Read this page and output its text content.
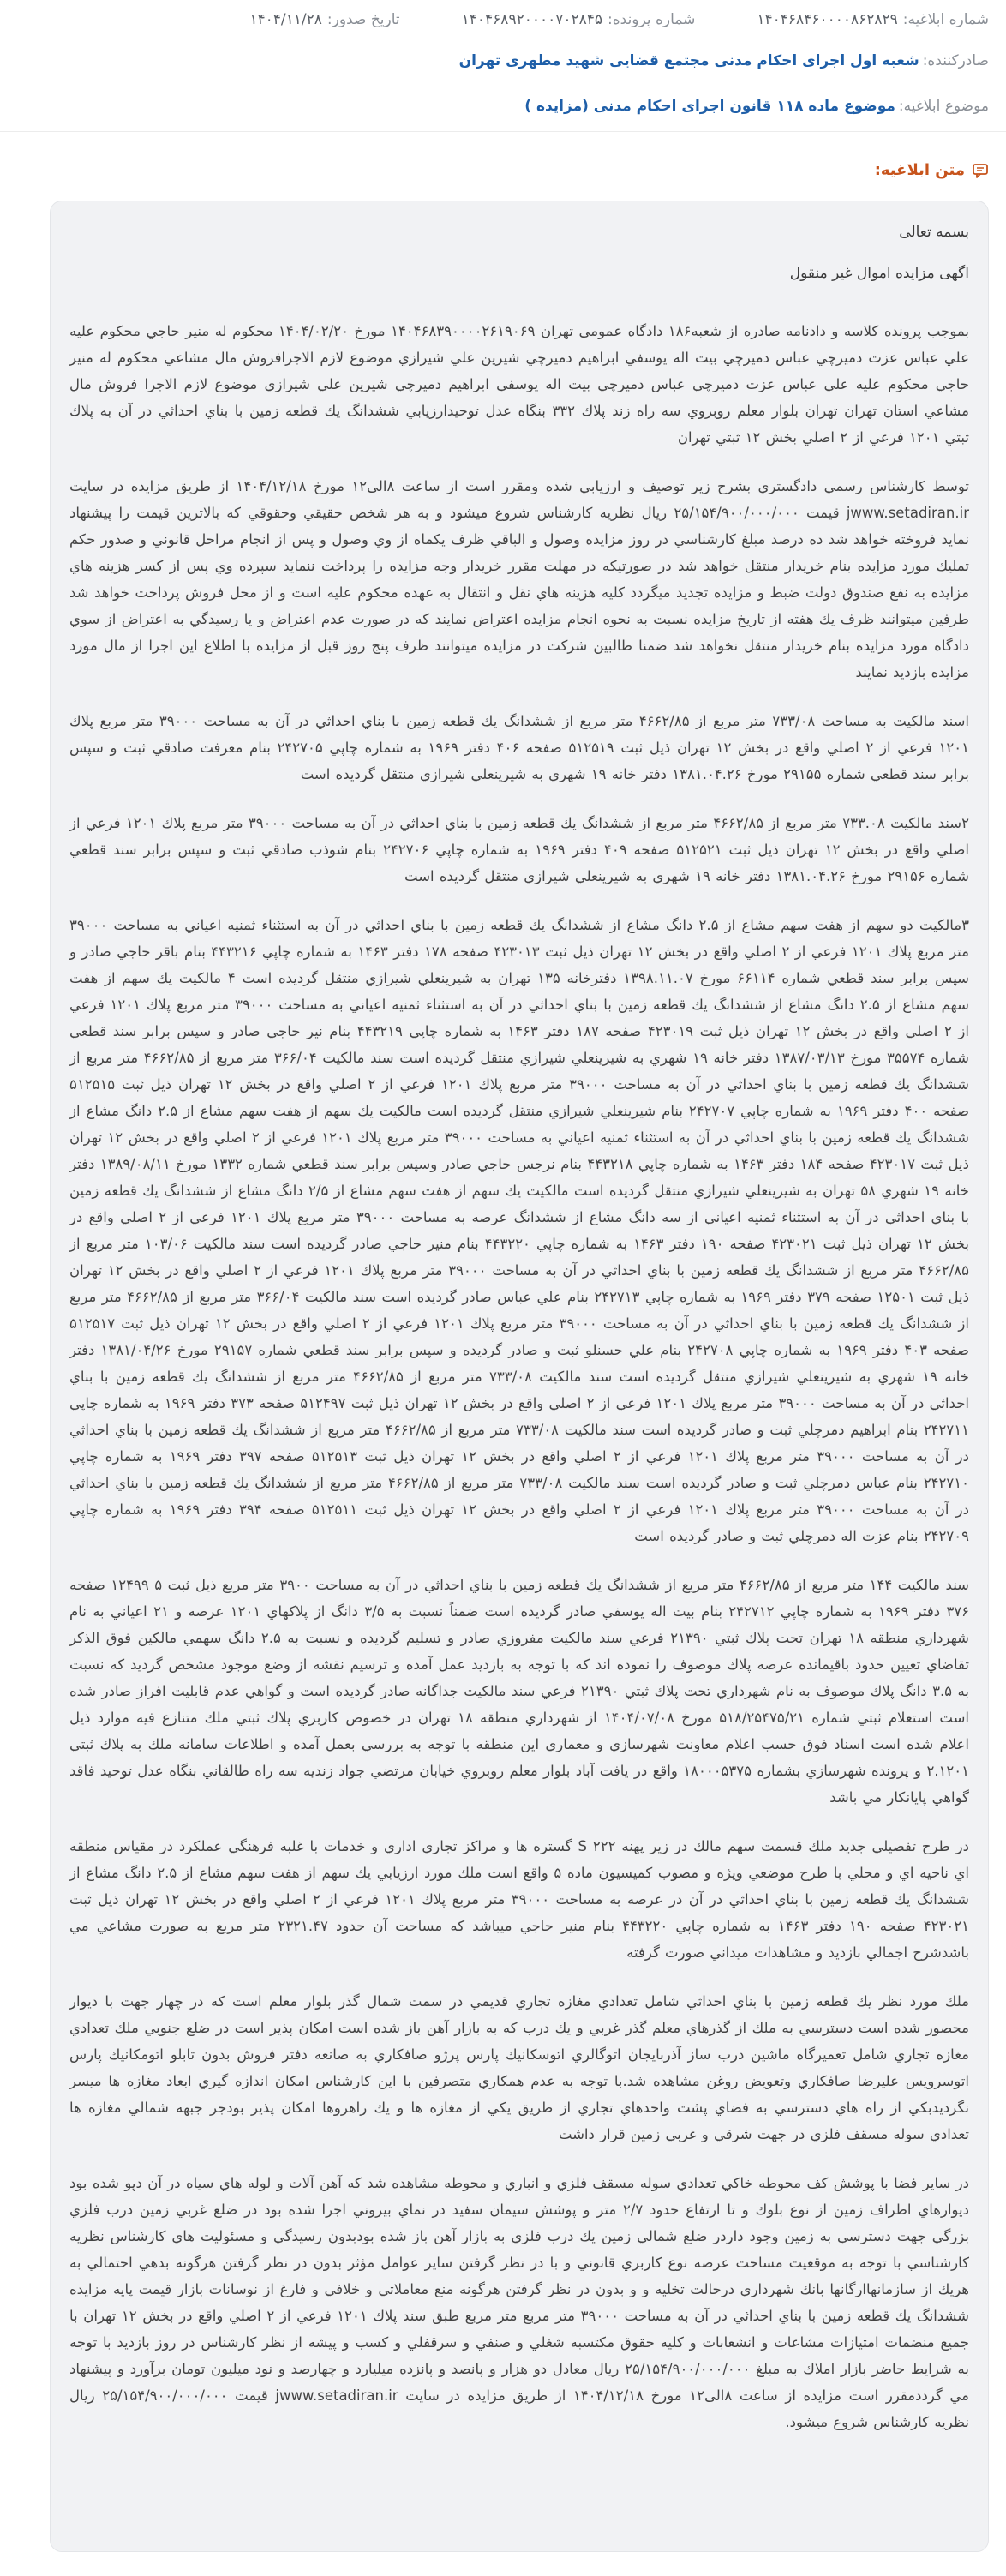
شماره ابلاغیه:
۱۴۰۴۶۸۴۶۰۰۰۰۸۶۲۸۲۹
شماره پرونده:
۱۴۰۴۶۸۹۲۰۰۰۰۷۰۲۸۴۵
تاریخ صدور:
۱۴۰۴/۱۱/۲۸
صادرکننده:
شعبه اول اجرای احکام مدنی مجتمع قضایی شهید مطهری تهران
موضوع ابلاغیه:
موضوع ماده ۱۱۸ قانون اجرای احکام مدنی (مزایده )
متن ابلاغیه:
بسمه تعالی
اگهی مزایده اموال غیر منقول

بموجب پرونده کلاسه و دادنامه صادره از شعبه۱۸۶ دادگاه عمومی تهران ۱۴۰۴۶۸۳۹۰۰۰۰۲۶۱۹۰۶۹ مورخ ۱۴۰۴/۰۲/۲۰ محکوم له منیر حاجي محکوم علیه علي عباس عزت دميرچي عباس دميرچي بيت اله يوسفي ابراهيم دميرچي شيرين علي شيرازي موضوع لازم الاجرافروش مال مشاعي محکوم له منیر حاجي محکوم علیه علي عباس عزت دميرچي عباس دميرچي بيت اله يوسفي ابراهيم دميرچي شيرين علي شيرازي موضوع لازم الاجرا فروش مال مشاعي استان تهران تهران بلوار معلم روبروي سه راه زند پلاك ۳۳۲ بنگاه عدل توحيدارزيابي ششدانگ يك قطعه زمين با بناي احداثي در آن به پلاك ثبتي ۱۲۰۱ فرعي از ۲ اصلي بخش ۱۲ ثبتي تهران

توسط كارشناس رسمي دادگستري بشرح زير توصيف و ارزيابي شده ومقرر است از ساعت ۸الی۱۲ مورخ ۱۴۰۴/۱۲/۱۸ از طريق مزايده در سايت jwww.setadiran.ir قيمت ۲۵/۱۵۴/۹۰۰/۰۰۰/۰۰۰ ريال نظريه كارشناس شروع ميشود و به هر شخص حقيقي وحقوقي كه بالاترين قيمت را پيشنهاد نمايد فروخته خواهد شد ده درصد مبلغ كارشناسي در روز مزايده وصول و الباقي ظرف يكماه از وي وصول و پس از انجام مراحل قانوني و صدور حكم تمليك مورد مزايده بنام خريدار منتقل خواهد شد در صورتيكه در مهلت مقرر خريدار وجه مزايده را پرداخت ننمايد سپرده وي پس از كسر هزينه هاي مزايده به نفع صندوق دولت ضبط و مزايده تجديد ميگردد كليه هزينه هاي نقل و انتقال به عهده محكوم عليه است و از محل فروش پرداخت خواهد شد طرفين ميتوانند ظرف يك هفته از تاريخ مزايده نسبت به نحوه انجام مزايده اعتراض نمايند كه در صورت عدم اعتراض و يا رسيدگي به اعتراض از سوي دادگاه مورد مزايده بنام خريدار منتقل نخواهد شد ضمنا طالبين شركت در مزايده ميتوانند ظرف پنج روز قبل از مزايده با اطلاع اين اجرا از مال مورد مزايده بازديد نمايند

اسند مالكيت به مساحت ۷۳۳/۰۸ متر مربع از ۴۶۶۲/۸۵ متر مربع از ششدانگ يك قطعه زمين با بناي احداثي در آن به مساحت ۳۹۰۰۰ متر مربع پلاك ۱۲۰۱ فرعي از ۲ اصلي واقع در بخش ۱۲ تهران ذيل ثبت ۵۱۲۵۱۹ صفحه ۴۰۶ دفتر ۱۹۶۹ به شماره چاپي ۲۴۲۷۰۵ بنام معرفت صادقي ثبت و سپس برابر سند قطعي شماره ۲۹۱۵۵ مورخ ۱۳۸۱.۰۴.۲۶ دفتر خانه ۱۹ شهري به شيرينعلي شيرازي منتقل گرديده است

۲سند مالكيت ۷۳۳.۰۸ متر مربع از ۴۶۶۲/۸۵ متر مربع از ششدانگ يك قطعه زمين با بناي احداثي در آن به مساحت ۳۹۰۰۰ متر مربع پلاك ۱۲۰۱ فرعي از اصلي واقع در بخش ۱۲ تهران ذيل ثبت ۵۱۲۵۲۱ صفحه ۴۰۹ دفتر ۱۹۶۹ به شماره چاپي ۲۴۲۷۰۶ بنام شوذب صادقي ثبت و سپس برابر سند قطعي شماره ۲۹۱۵۶ مورخ ۱۳۸۱.۰۴.۲۶ دفتر خانه ۱۹ شهري به شيرينعلي شيرازي منتقل گرديده است

۳مالكيت دو سهم از هفت سهم مشاع از ۲.۵ دانگ مشاع از ششدانگ يك قطعه زمين با بناي احداثي در آن به استثناء ثمنيه اعياني به مساحت ۳۹۰۰۰ متر مربع پلاك ۱۲۰۱ فرعي از ۲ اصلي واقع در بخش ۱۲ تهران ذيل ثبت ۴۲۳۰۱۳ صفحه ۱۷۸ دفتر ۱۴۶۳ به شماره چاپي ۴۴۳۲۱۶ بنام باقر حاجي صادر و سپس برابر سند قطعي شماره ۶۶۱۱۴ مورخ ۱۳۹۸.۱۱.۰۷ دفترخانه ۱۳۵ تهران به شيرينعلي شيرازي منتقل گرديده است ۴ مالكيت يك سهم از هفت سهم مشاع از ۲.۵ دانگ مشاع از ششدانگ يك قطعه زمين با بناي احداثي در آن به استثناء ثمنيه اعياني به مساحت ۳۹۰۰۰ متر مربع پلاك ۱۲۰۱ فرعي از ۲ اصلي واقع در بخش ۱۲ تهران ذيل ثبت ۴۲۳۰۱۹ صفحه ۱۸۷ دفتر ۱۴۶۳ به شماره چاپي ۴۴۳۲۱۹ بنام نير حاجي صادر و سپس برابر سند قطعي شماره ۳۵۵۷۴ مورخ ۱۳۸۷/۰۳/۱۳ دفتر خانه ۱۹ شهري به شيرينعلي شيرازي منتقل گرديده است سند مالكيت ۳۶۶/۰۴ متر مربع از ۴۶۶۲/۸۵ متر مربع از ششدانگ يك قطعه زمين با بناي احداثي در آن به مساحت ۳۹۰۰۰ متر مربع پلاك ۱۲۰۱ فرعي از ۲ اصلي واقع در بخش ۱۲ تهران ذيل ثبت ۵۱۲۵۱۵ صفحه ۴۰۰ دفتر ۱۹۶۹ به شماره چاپي ۲۴۲۷۰۷ بنام شيرينعلي شيرازي منتقل گرديده است مالكيت يك سهم از هفت سهم مشاع از ۲.۵ دانگ مشاع از ششدانگ يك قطعه زمين با بناي احداثي در آن به استثناء ثمنيه اعياني به مساحت ۳۹۰۰۰ متر مربع پلاك ۱۲۰۱ فرعي از ۲ اصلي واقع در بخش ۱۲ تهران ذيل ثبت ۴۲۳۰۱۷ صفحه ۱۸۴ دفتر ۱۴۶۳ به شماره چاپي ۴۴۳۲۱۸ بنام نرجس حاجي صادر وسپس برابر سند قطعي شماره ۱۳۳۲ مورخ ۱۳۸۹/۰۸/۱۱ دفتر خانه ۱۹ شهري ۵۸ تهران به شيرينعلي شيرازي منتقل گرديده است مالكيت يك سهم از هفت سهم مشاع از ۲/۵ دانگ مشاع از ششدانگ يك قطعه زمين با بناي احداثي در آن به استثناء ثمنيه اعياني از سه دانگ مشاع از ششدانگ عرصه به مساحت ۳۹۰۰۰ متر مربع پلاك ۱۲۰۱ فرعي از ۲ اصلي واقع در بخش ۱۲ تهران ذيل ثبت ۴۲۳۰۲۱ صفحه ۱۹۰ دفتر ۱۴۶۳ به شماره چاپي ۴۴۳۲۲۰ بنام منير حاجي صادر گرديده است سند مالكيت ۱۰۳/۰۶ متر مربع از ۴۶۶۲/۸۵ متر مربع از ششدانگ يك قطعه زمين با بناي احداثي در آن به مساحت ۳۹۰۰۰ متر مربع پلاك ۱۲۰۱ فرعي از ۲ اصلي واقع در بخش ۱۲ تهران ذيل ثبت ۱۲۵۰۱ صفحه ۳۷۹ دفتر ۱۹۶۹ به شماره چاپي ۲۴۲۷۱۳ بنام علي عباس صادر گرديده است سند مالكيت ۳۶۶/۰۴ متر مربع از ۴۶۶۲/۸۵ متر مربع از ششدانگ يك قطعه زمين با بناي احداثي در آن به مساحت ۳۹۰۰۰ متر مربع پلاك ۱۲۰۱ فرعي از ۲ اصلي واقع در بخش ۱۲ تهران ذيل ثبت ۵۱۲۵۱۷ صفحه ۴۰۳ دفتر ۱۹۶۹ به شماره چاپي ۲۴۲۷۰۸ بنام علي حسنلو ثبت و صادر گرديده و سپس برابر سند قطعي شماره ۲۹۱۵۷ مورخ ۱۳۸۱/۰۴/۲۶ دفتر خانه ۱۹ شهري به شيرينعلي شيرازي منتقل گرديده است سند مالكيت ۷۳۳/۰۸ متر مربع از ۴۶۶۲/۸۵ متر مربع از ششدانگ يك قطعه زمين با بناي احداثي در آن به مساحت ۳۹۰۰۰ متر مربع پلاك ۱۲۰۱ فرعي از ۲ اصلي واقع در بخش ۱۲ تهران ذيل ثبت ۵۱۲۴۹۷ صفحه ۳۷۳ دفتر ۱۹۶۹ به شماره چاپي ۲۴۲۷۱۱ بنام ابراهيم دمرچلي ثبت و صادر گرديده است سند مالكيت ۷۳۳/۰۸ متر مربع از ۴۶۶۲/۸۵ متر مربع از ششدانگ يك قطعه زمين با بناي احداثي در آن به مساحت ۳۹۰۰۰ متر مربع پلاك ۱۲۰۱ فرعي از ۲ اصلي واقع در بخش ۱۲ تهران ذيل ثبت ۵۱۲۵۱۳ صفحه ۳۹۷ دفتر ۱۹۶۹ به شماره چاپي ۲۴۲۷۱۰ بنام عباس دمرچلي ثبت و صادر گرديده است سند مالكيت ۷۳۳/۰۸ متر مربع از ۴۶۶۲/۸۵ متر مربع از ششدانگ يك قطعه زمين با بناي احداثي در آن به مساحت ۳۹۰۰۰ متر مربع پلاك ۱۲۰۱ فرعي از ۲ اصلي واقع در بخش ۱۲ تهران ذيل ثبت ۵۱۲۵۱۱ صفحه ۳۹۴ دفتر ۱۹۶۹ به شماره چاپي ۲۴۲۷۰۹ بنام عزت اله دمرچلي ثبت و صادر گرديده است

سند مالكيت ۱۴۴ متر مربع از ۴۶۶۲/۸۵ متر مربع از ششدانگ يك قطعه زمين با بناي احداثي در آن به مساحت ۳۹۰۰ متر مربع ذيل ثبت ۵ ۱۲۴۹۹ صفحه ۳۷۶ دفتر ۱۹۶۹ به شماره چاپي ۲۴۲۷۱۲ بنام بيت اله يوسفي صادر گرديده است ضمناً نسبت به ۳/۵ دانگ از پلاكهاي ۱۲۰۱ عرصه و ۲۱ اعياني به نام شهرداري منطقه ۱۸ تهران تحت پلاك ثبتي ۲۱۳۹۰ فرعي سند مالكيت مفروزي صادر و تسليم گرديده و نسبت به ۲.۵ دانگ سهمي مالكين فوق الذكر تقاضاي تعيين حدود باقيمانده عرصه پلاك موصوف را نموده اند كه با توجه به بازديد عمل آمده و ترسيم نقشه از وضع موجود مشخص گرديد كه نسبت به ۳.۵ دانگ پلاك موصوف به نام شهرداري تحت پلاك ثبتي ۲۱۳۹۰ فرعي سند مالكيت جداگانه صادر گرديده است و گواهي عدم قابليت افراز صادر شده است استعلام ثبتي شماره ۵۱۸/۲۵۴۷۵/۲۱ مورخ ۱۴۰۴/۰۷/۰۸ از شهرداري منطقه ۱۸ تهران در خصوص كاربري پلاك ثبتي ملك متنازع فيه موارد ذيل اعلام شده است اسناد فوق حسب اعلام معاونت شهرسازي و معماري اين منطقه با توجه به بررسي بعمل آمده و اطلاعات سامانه ملك به پلاك ثبتي ۲.۱۲۰۱ و پرونده شهرسازي بشماره ۱۸۰۰۰۵۳۷۵ واقع در يافت آباد بلوار معلم روبروي خيابان مرتضي جواد زنديه سه راه طالقاني بنگاه عدل توحيد فاقد گواهي پايانكار مي باشد

در طرح تفصيلي جديد ملك قسمت سهم مالك در زير پهنه ۲۲۲ S گستره ها و مراكز تجاري اداري و خدمات با غلبه فرهنگي عملكرد در مقياس منطقه اي ناحيه اي و محلي با طرح موضعي ويژه و مصوب كميسيون ماده ۵ واقع است ملك مورد ارزيابي يك سهم از هفت سهم مشاع از ۲.۵ دانگ مشاع از ششدانگ يك قطعه زمين با بناي احداثي در آن در عرصه به مساحت ۳۹۰۰۰ متر مربع پلاك ۱۲۰۱ فرعي از ۲ اصلي واقع در بخش ۱۲ تهران ذيل ثبت ۴۲۳۰۲۱ صفحه ۱۹۰ دفتر ۱۴۶۳ به شماره چاپي ۴۴۳۲۲۰ بنام منير حاجي ميباشد كه مساحت آن حدود ۲۳۲۱.۴۷ متر مربع به صورت مشاعي مي باشدشرح اجمالي بازديد و مشاهدات ميداني صورت گرفته

ملك مورد نظر يك قطعه زمين با بناي احداثي شامل تعدادي مغازه تجاري قديمي در سمت شمال گذر بلوار معلم است كه در چهار جهت با ديوار محصور شده است دسترسي به ملك از گذرهاي معلم گذر غربي و يك درب كه به بازار آهن باز شده است امكان پذير است در ضلع جنوبي ملك تعدادي مغازه تجاري شامل تعميرگاه ماشين درب ساز آذربايجان اتوگالري اتوسكانيك پارس پرژو صافكاري به صانعه دفتر فروش بدون تابلو اتومكانيك پارس اتوسرويس عليرضا صافكاري وتعويض روغن مشاهده شد.با توجه به عدم همكاري متصرفين با اين كارشناس امكان اندازه گيري ابعاد مغازه ها ميسر نگرديدبكي از راه هاي دسترسي به فضاي پشت واحدهاي تجاري از طريق يكي از مغازه ها و يك راهروها امكان پذير بودجر جبهه شمالي مغازه ها تعدادي سوله مسقف فلزي در جهت شرقي و غربي زمين قرار داشت

در ساير فضا با پوشش كف محوطه خاكي تعدادي سوله مسقف فلزي و انباري و محوطه مشاهده شد كه آهن آلات و لوله هاي سياه در آن دپو شده بود ديوارهاي اطراف زمين از نوع بلوك و تا ارتفاع حدود ۲/۷ متر و پوشش سيمان سفيد در نماي بيروني اجرا شده بود در ضلع غربي زمين درب فلزي بزرگي جهت دسترسي به زمين وجود داردر ضلع شمالي زمين يك درب فلزي به بازار آهن باز شده بودبدون رسيدگي و مسئوليت هاي كارشناس نظريه كارشناسي با توجه به موقعيت مساحت عرصه نوع كاربري قانوني و با در نظر گرفتن ساير عوامل مؤثر بدون در نظر گرفتن هرگونه بدهي احتمالي به هريك از سازمانهاارگانها بانك شهرداري درحالت تخليه و و بدون در نظر گرفتن هرگونه منع معاملاتي و خلافي و فارغ از نوسانات بازار قيمت پايه مزايده ششدانگ يك قطعه زمين با بناي احداثي در آن به مساحت ۳۹۰۰۰ متر مربع متر مربع طبق سند پلاك ۱۲۰۱ فرعي از ۲ اصلي واقع در بخش ۱۲ تهران با جميع منضمات امتيازات مشاعات و انشعابات و كليه حقوق مكتسبه شغلي و صنفي و سرقفلي و كسب و پيشه از نظر كارشناس در روز بازديد با توجه به شرايط حاضر بازار املاك به مبلغ ۲۵/۱۵۴/۹۰۰/۰۰۰/۰۰۰ ريال معادل دو هزار و پانصد و پانزده ميليارد و چهارصد و نود ميليون تومان برآورد و پيشنهاد مي گرددمقرر است مزايده از ساعت ۸الی۱۲ مورخ ۱۴۰۴/۱۲/۱۸ از طريق مزايده در سايت jwww.setadiran.ir قيمت ۲۵/۱۵۴/۹۰۰/۰۰۰/۰۰۰ ريال نظريه كارشناس شروع ميشود.
